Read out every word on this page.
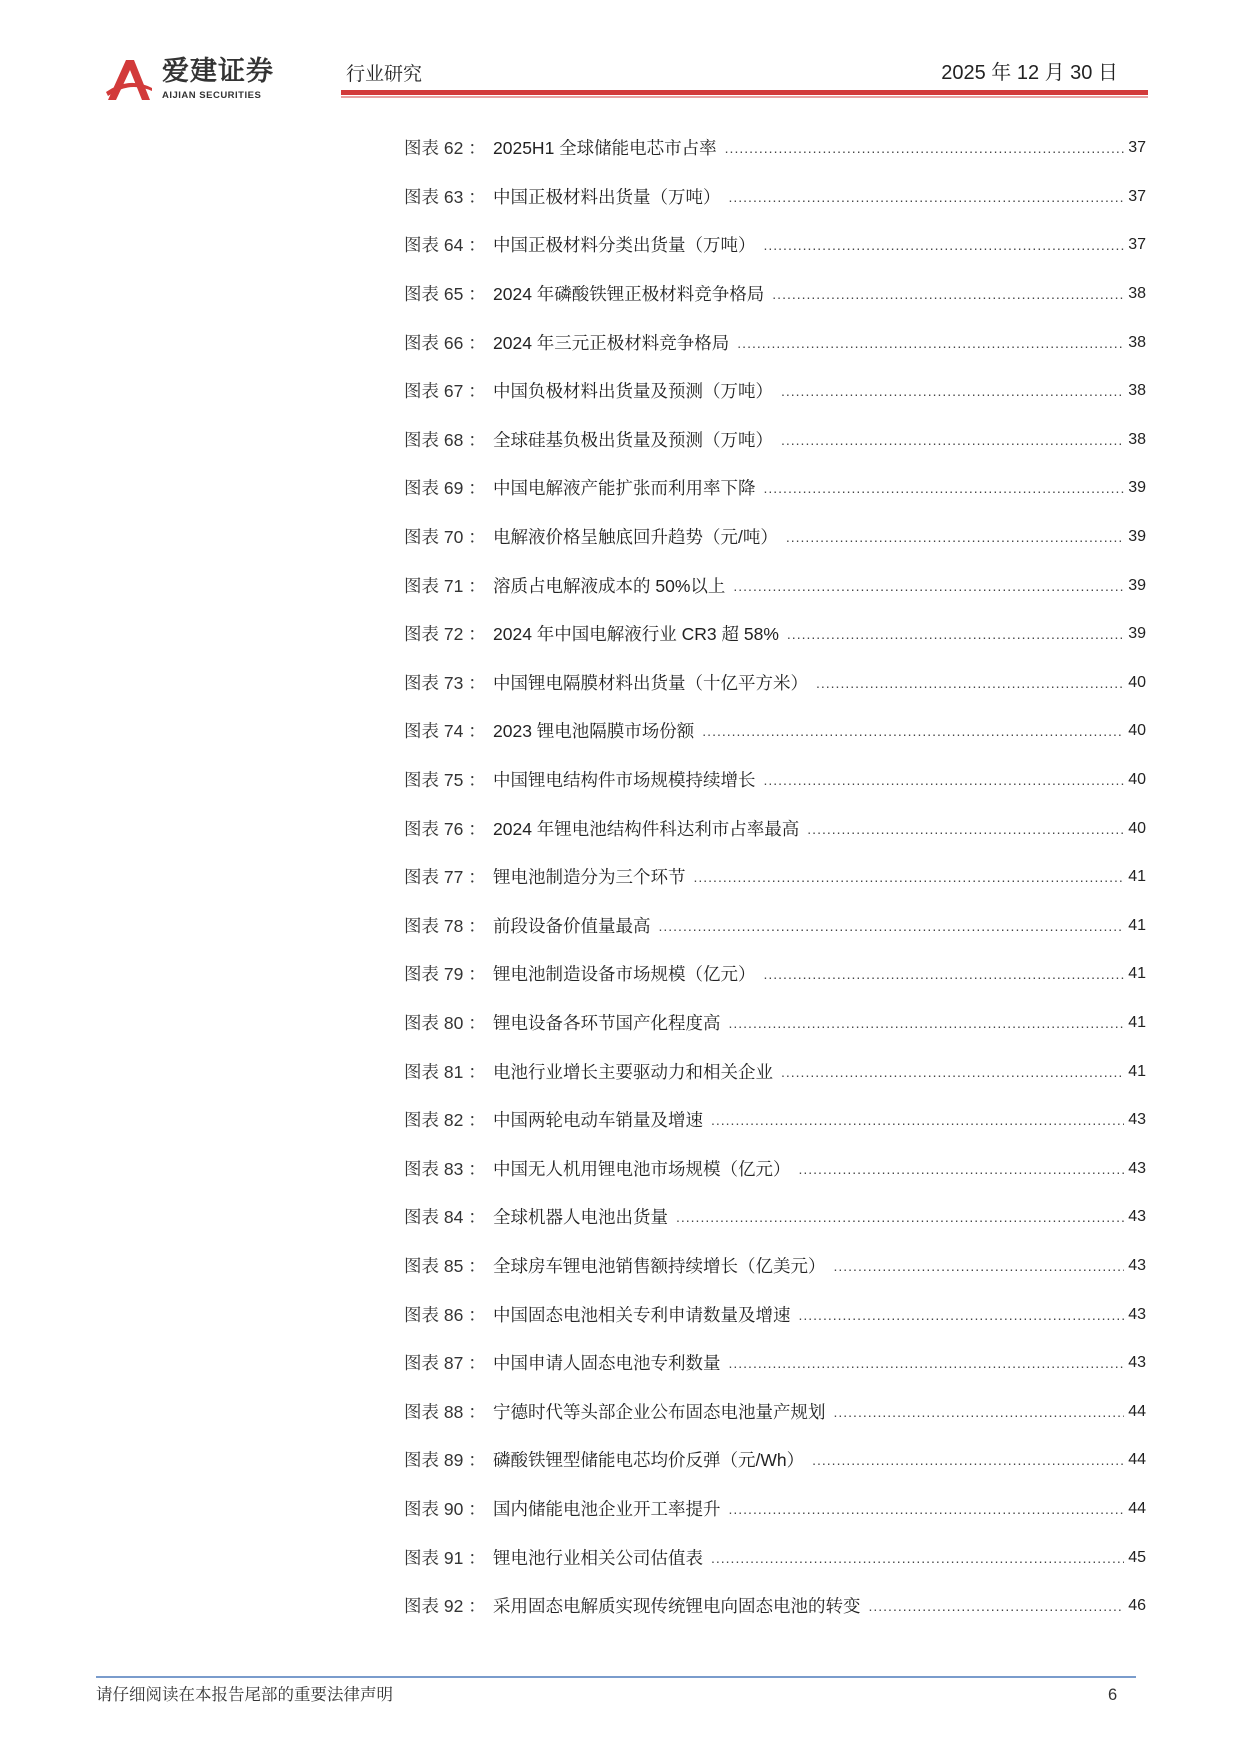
爱建证券
AIJIAN SECURITIES
行业研究	2025 年 12 月 30 日
图表 62 ： 2025H1 全球储能电芯市占率 .....	37
图表 63 ： 中国正极材料出货量（万吨） .....	37
图表 64 ： 中国正极材料分类出货量（万吨） .....	37
图表 65 ： 2024 年磷酸铁锂正极材料竞争格局 .....	38
图表 66 ： 2024 年三元正极材料竞争格局 .....	38
图表 67 ： 中国负极材料出货量及预测（万吨） .....	38
图表 68 ： 全球硅基负极出货量及预测（万吨） .....	38
图表 69 ： 中国电解液产能扩张而利用率下降 .....	39
图表 70 ： 电解液价格呈触底回升趋势（元/吨） .....	39
图表 71 ： 溶质占电解液成本的 50%以上 .....	39
图表 72 ： 2024 年中国电解液行业 CR3 超 58% .....	39
图表 73 ： 中国锂电隔膜材料出货量（十亿平方米） .....	40
图表 74 ： 2023 锂电池隔膜市场份额 .....	40
图表 75 ： 中国锂电结构件市场规模持续增长 .....	40
图表 76 ： 2024 年锂电池结构件科达利市占率最高 .....	40
图表 77 ： 锂电池制造分为三个环节 .....	41
图表 78 ： 前段设备价值量最高 .....	41
图表 79 ： 锂电池制造设备市场规模（亿元） .....	41
图表 80 ： 锂电设备各环节国产化程度高 .....	41
图表 81 ： 电池行业增长主要驱动力和相关企业 .....	41
图表 82 ： 中国两轮电动车销量及增速 .....	43
图表 83 ： 中国无人机用锂电池市场规模（亿元） .....	43
图表 84 ： 全球机器人电池出货量 .....	43
图表 85 ： 全球房车锂电池销售额持续增长（亿美元） .....	43
图表 86 ： 中国固态电池相关专利申请数量及增速 .....	43
图表 87 ： 中国申请人固态电池专利数量 .....	43
图表 88 ： 宁德时代等头部企业公布固态电池量产规划 .....	44
图表 89 ： 磷酸铁锂型储能电芯均价反弹（元/Wh） .....	44
图表 90 ： 国内储能电池企业开工率提升 .....	44
图表 91 ： 锂电池行业相关公司估值表 .....	45
图表 92 ： 采用固态电解质实现传统锂电向固态电池的转变 .....	46
请仔细阅读在本报告尾部的重要法律声明	6
